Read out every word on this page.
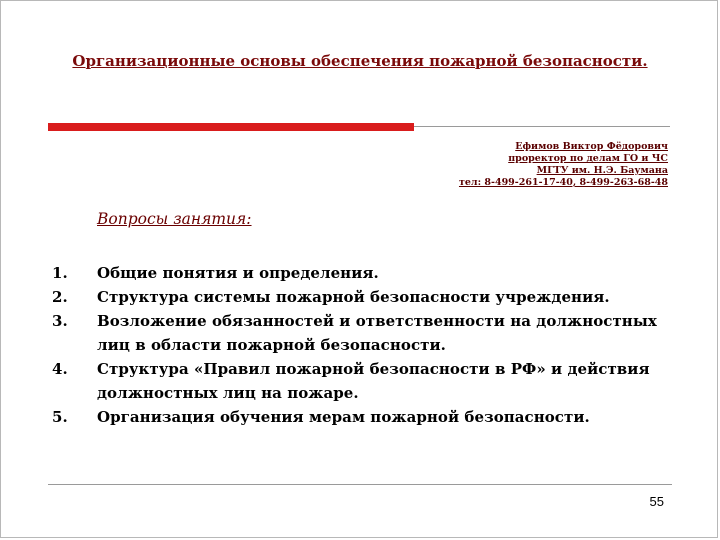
Организационные основы обеспечения пожарной безопасности.
Ефимов Виктор Фёдорович
проректор по делам ГО и ЧС
МГТУ им. Н.Э. Баумана
тел: 8-499-261-17-40, 8-499-263-68-48
Вопросы занятия:
1. Общие понятия и определения.
2. Структура системы пожарной безопасности учреждения.
3. Возложение обязанностей и ответственности на должностных лиц в области пожарной безопасности.
4. Структура «Правил пожарной безопасности в РФ» и действия должностных лиц на пожаре.
5. Организация обучения мерам пожарной безопасности.
55
